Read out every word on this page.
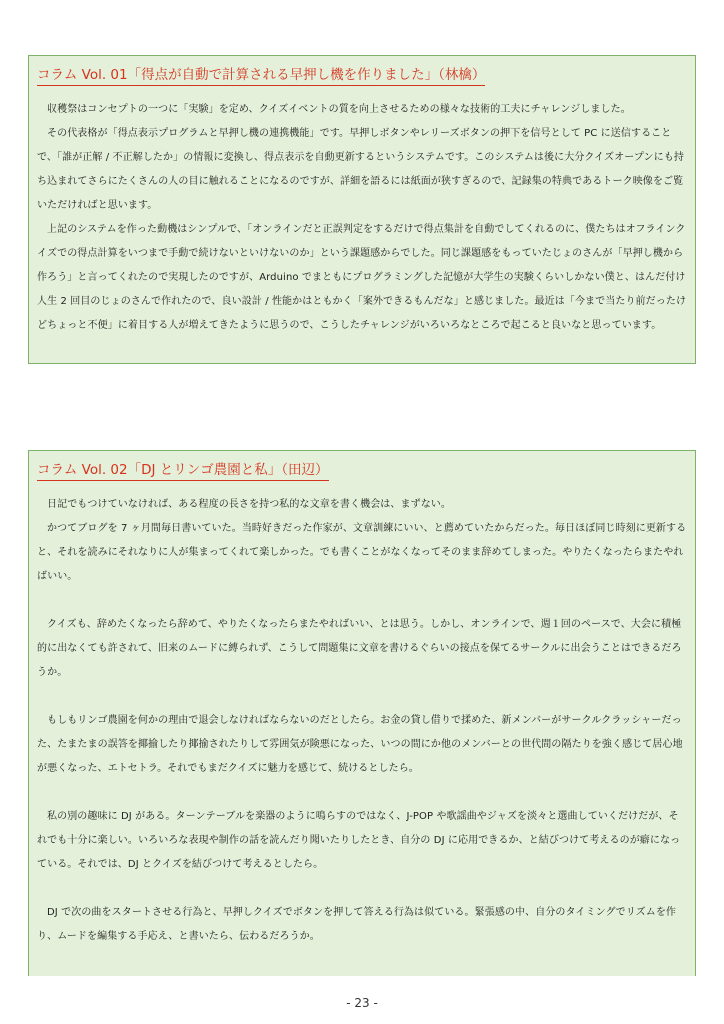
コラム Vol. 01「得点が自動で計算される早押し機を作りました」（林檎）

収穫祭はコンセプトの一つに「実験」を定め、クイズイベントの質を向上させるための様々な技術的工夫にチャレンジしました。

その代表格が「得点表示プログラムと早押し機の連携機能」です。早押しボタンやレリーズボタンの押下を信号として PC に送信することで、「誰が正解 / 不正解したか」の情報に変換し、得点表示を自動更新するというシステムです。このシステムは後に大分クイズオープンにも持ち込まれてさらにたくさんの人の目に触れることになるのですが、詳細を語るには紙面が狭すぎるので、記録集の特典であるトーク映像をご覧いただければと思います。

上記のシステムを作った動機はシンプルで、「オンラインだと正誤判定をするだけで得点集計を自動でしてくれるのに、僕たちはオフラインクイズでの得点計算をいつまで手動で続けないといけないのか」という課題感からでした。同じ課題感をもっていたじょのさんが「早押し機から作ろう」と言ってくれたので実現したのですが、Arduino でまともにプログラミングした記憶が大学生の実験くらいしかない僕と、はんだ付け人生 2 回目のじょのさんで作れたので、良い設計 / 性能かはともかく「案外できるもんだな」と感じました。最近は「今まで当たり前だったけどちょっと不便」に着目する人が増えてきたように思うので、こうしたチャレンジがいろいろなところで起こると良いなと思っています。

コラム Vol. 02「DJ とリンゴ農園と私」（田辺）

日記でもつけていなければ、ある程度の長さを持つ私的な文章を書く機会は、まずない。

かつてブログを 7 ヶ月間毎日書いていた。当時好きだった作家が、文章訓練にいい、と薦めていたからだった。毎日ほぼ同じ時刻に更新すると、それを読みにそれなりに人が集まってくれて楽しかった。でも書くことがなくなってそのまま辞めてしまった。やりたくなったらまたやればいい。

クイズも、辞めたくなったら辞めて、やりたくなったらまたやればいい、とは思う。しかし、オンラインで、週１回のペースで、大会に積極的に出なくても許されて、旧来のムードに縛られず、こうして問題集に文章を書けるぐらいの接点を保てるサークルに出会うことはできるだろうか。

もしもリンゴ農園を何かの理由で退会しなければならないのだとしたら。お金の貸し借りで揉めた、新メンバーがサークルクラッシャーだった、たまたまの誤答を揶揄したり揶揄されたりして雰囲気が険悪になった、いつの間にか他のメンバーとの世代間の隔たりを強く感じて居心地が悪くなった、エトセトラ。それでもまだクイズに魅力を感じて、続けるとしたら。

私の別の趣味に DJ がある。ターンテーブルを楽器のように鳴らすのではなく、J-POP や歌謡曲やジャズを淡々と選曲していくだけだが、それでも十分に楽しい。いろいろな表現や制作の話を読んだり聞いたりしたとき、自分の DJ に応用できるか、と結びつけて考えるのが癖になっている。それでは、DJ とクイズを結びつけて考えるとしたら。

DJ で次の曲をスタートさせる行為と、早押しクイズでボタンを押して答える行為は似ている。緊張感の中、自分のタイミングでリズムを作り、ムードを編集する手応え、と書いたら、伝わるだろうか。

- 23 -
